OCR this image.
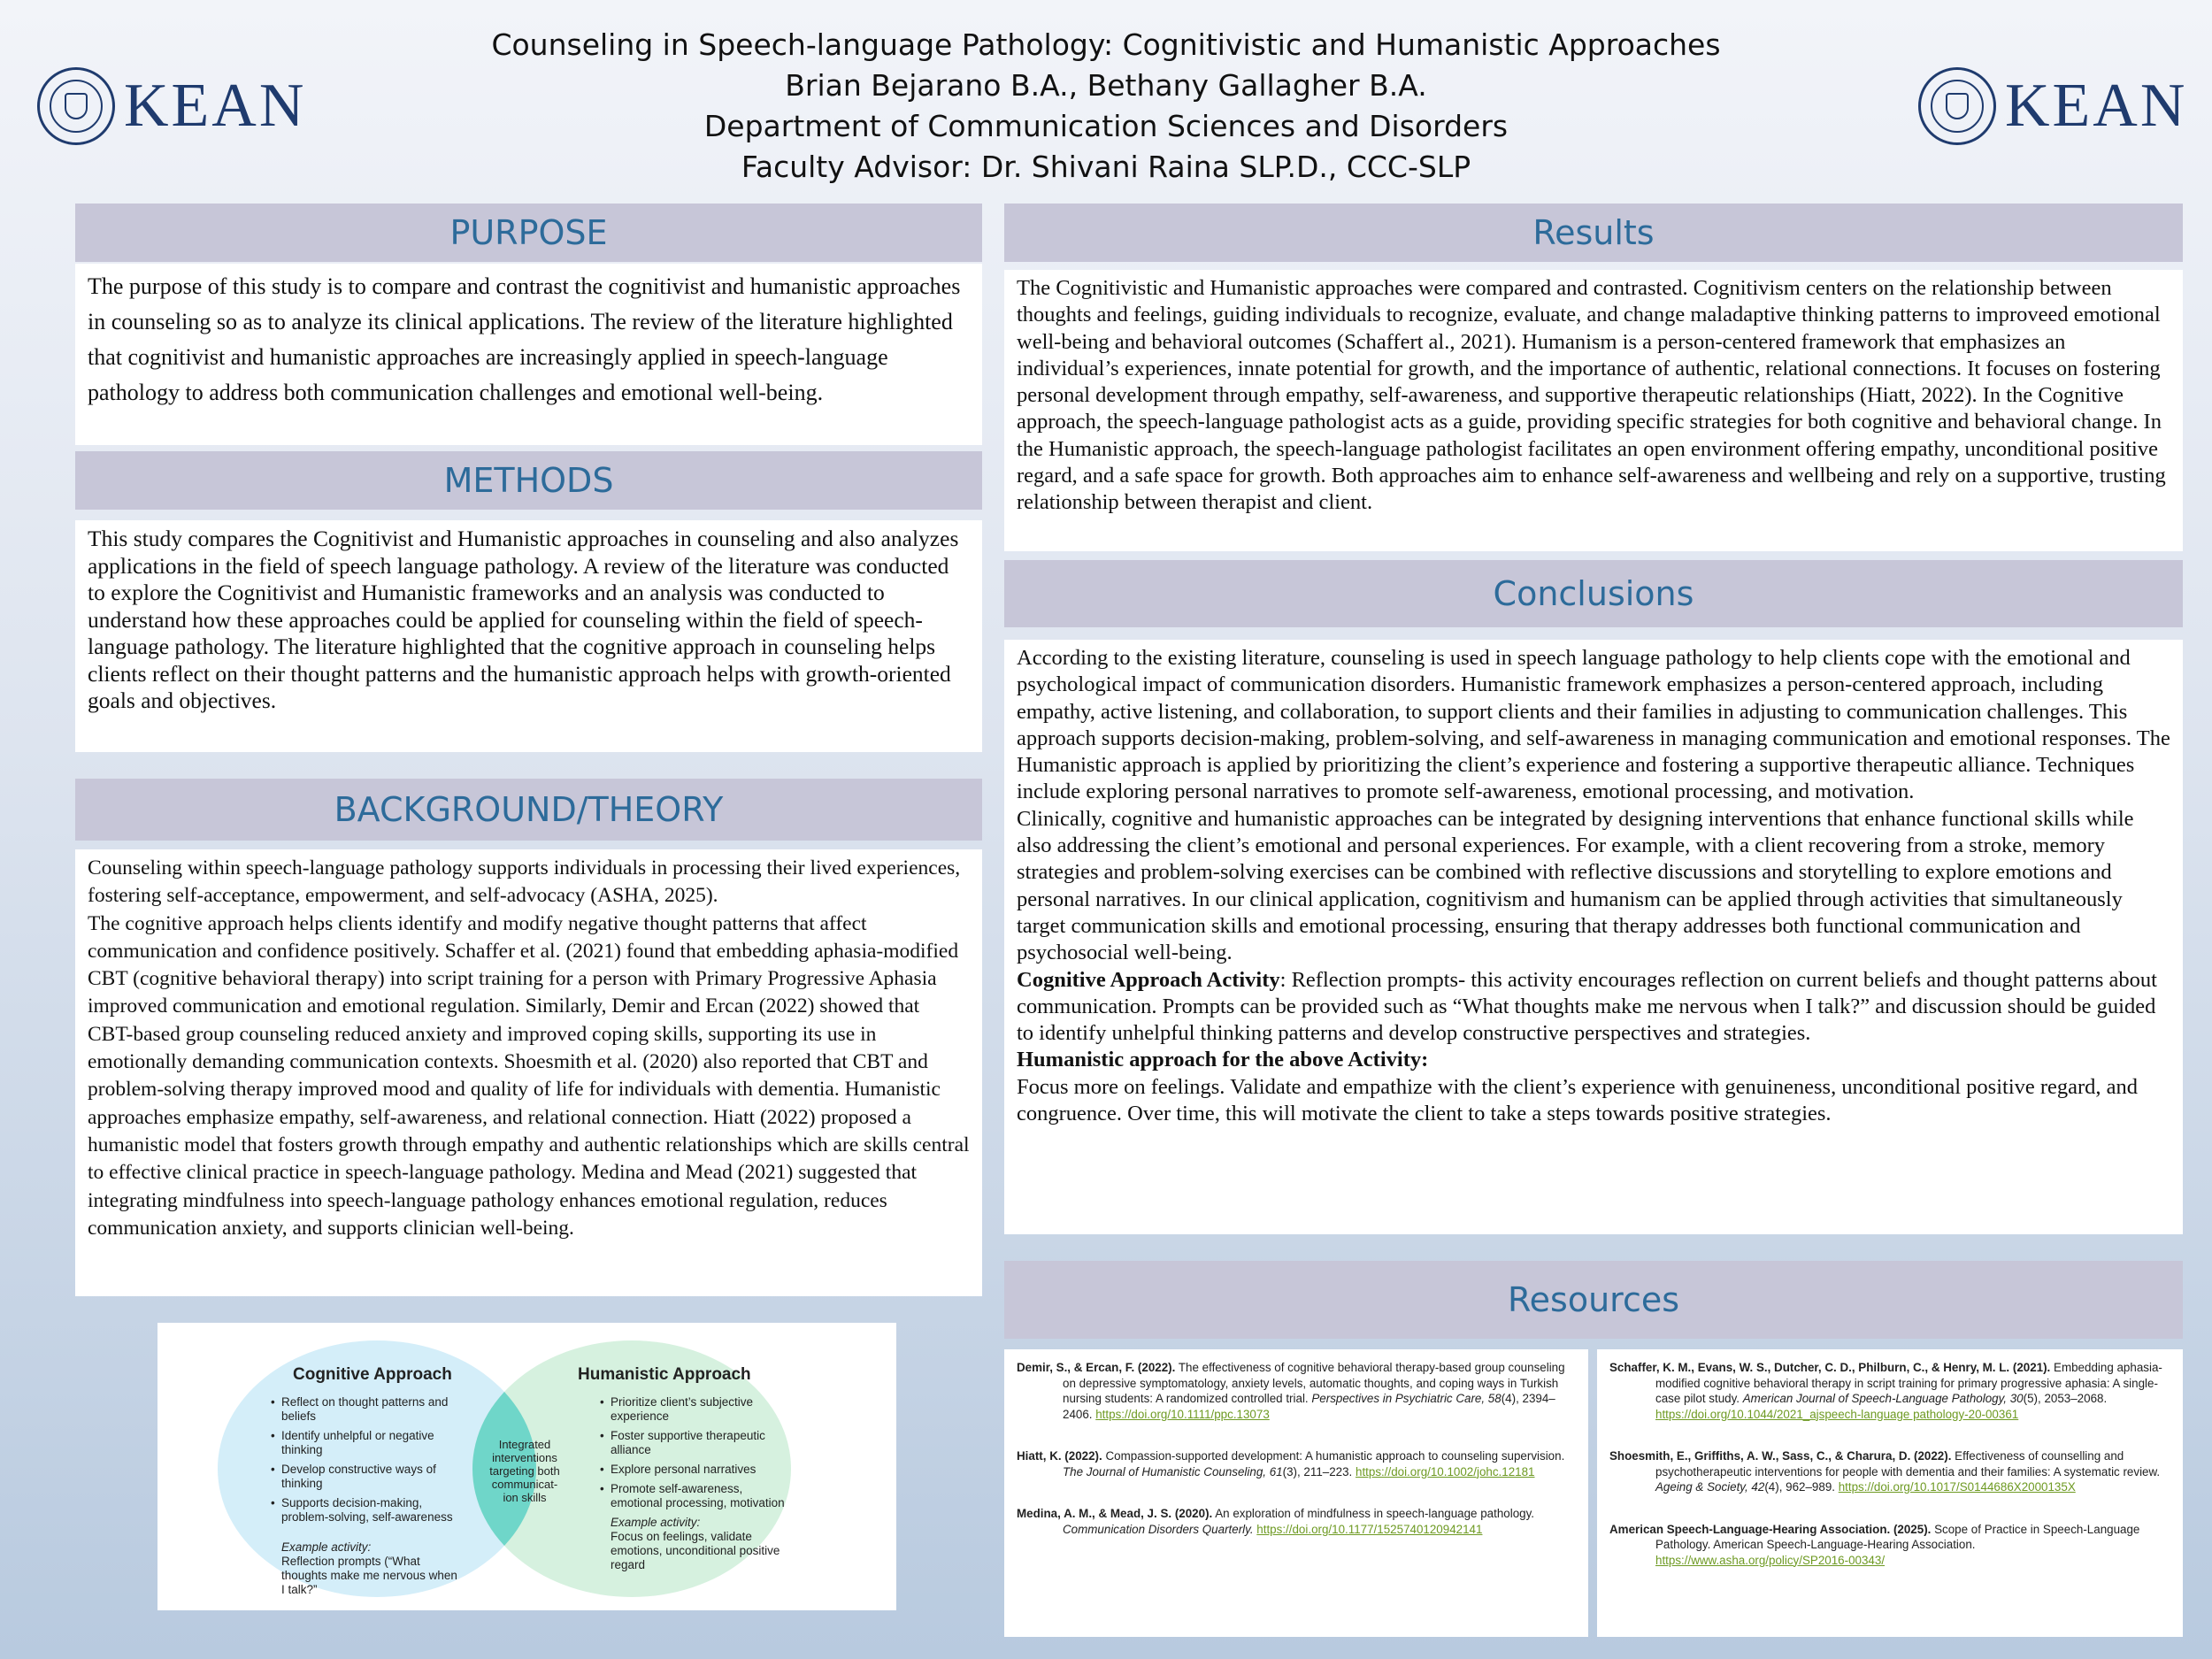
KEAN	KEAN
Counseling in Speech-language Pathology: Cognitivistic and Humanistic Approaches
Brian Bejarano B.A., Bethany Gallagher B.A.
Department of Communication Sciences and Disorders
Faculty Advisor: Dr. Shivani Raina SLP.D., CCC-SLP
PURPOSE

The purpose of this study is to compare and contrast the cognitivist and humanistic approaches in counseling so as to analyze its clinical applications. The review of the literature highlighted that cognitivist and humanistic approaches are increasingly applied in speech-language pathology to address both communication challenges and emotional well-being.

METHODS

This study compares the Cognitivist and Humanistic approaches in counseling and also analyzes applications in the field of speech language pathology. A review of the literature was conducted to explore the Cognitivist and Humanistic frameworks and an analysis was conducted to understand how these approaches could be applied for counseling within the field of speech-language pathology. The literature highlighted that the cognitive approach in counseling helps clients reflect on their thought patterns and the humanistic approach helps with growth-oriented goals and objectives.

BACKGROUND/THEORY

Counseling within speech-language pathology supports individuals in processing their lived experiences, fostering self-acceptance, empowerment, and self-advocacy (ASHA, 2025).

The cognitive approach helps clients identify and modify negative thought patterns that affect communication and confidence positively. Schaffer et al. (2021) found that embedding aphasia-modified CBT (cognitive behavioral therapy) into script training for a person with Primary Progressive Aphasia improved communication and emotional regulation. Similarly, Demir and Ercan (2022) showed that CBT-based group counseling reduced anxiety and improved coping skills, supporting its use in emotionally demanding communication contexts. Shoesmith et al. (2020) also reported that CBT and problem-solving therapy improved mood and quality of life for individuals with dementia. Humanistic approaches emphasize empathy, self-awareness, and relational connection. Hiatt (2022) proposed a humanistic model that fosters growth through empathy and authentic relationships which are skills central to effective clinical practice in speech-language pathology. Medina and Mead (2021) suggested that integrating mindfulness into speech-language pathology enhances emotional regulation, reduces communication anxiety, and supports clinician well-being.

Cognitive Approach
• Reflect on thought patterns and beliefs
• Identify unhelpful or negative thinking
• Develop constructive ways of thinking
• Supports decision-making, problem-solving, self-awareness
Example activity:
Reflection prompts (“What thoughts make me nervous when I talk?”
Integrated interventions targeting both communicat-ion skills
Humanistic Approach
• Prioritize client’s subjective experience
• Foster supportive therapeutic alliance
• Explore personal narratives
• Promote self-awareness, emotional processing, motivation
Example activity:
Focus on feelings, validate emotions, unconditional positive regard
Results

The Cognitivistic and Humanistic approaches were compared and contrasted. Cognitivism centers on the relationship between thoughts and feelings, guiding individuals to recognize, evaluate, and change maladaptive thinking patterns to improveed emotional well-being and behavioral outcomes (Schaffert al., 2021). Humanism is a person-centered framework that emphasizes an individual’s experiences, innate potential for growth, and the importance of authentic, relational connections. It focuses on fostering personal development through empathy, self-awareness, and supportive therapeutic relationships (Hiatt, 2022). In the Cognitive approach, the speech-language pathologist acts as a guide, providing specific strategies for both cognitive and behavioral change. In the Humanistic approach, the speech-language pathologist facilitates an open environment offering empathy, unconditional positive regard, and a safe space for growth. Both approaches aim to enhance self-awareness and wellbeing and rely on a supportive, trusting relationship between therapist and client.

Conclusions

According to the existing literature, counseling is used in speech language pathology to help clients cope with the emotional and psychological impact of communication disorders. Humanistic framework emphasizes a person-centered approach, including empathy, active listening, and collaboration, to support clients and their families in adjusting to communication challenges. This approach supports decision-making, problem-solving, and self-awareness in managing communication and emotional responses. The Humanistic approach is applied by prioritizing the client’s experience and fostering a supportive therapeutic alliance. Techniques include exploring personal narratives to promote self-awareness, emotional processing, and motivation.

Clinically, cognitive and humanistic approaches can be integrated by designing interventions that enhance functional skills while also addressing the client’s emotional and personal experiences. For example, with a client recovering from a stroke, memory strategies and problem-solving exercises can be combined with reflective discussions and storytelling to explore emotions and personal narratives. In our clinical application, cognitivism and humanism can be applied through activities that simultaneously target communication skills and emotional processing, ensuring that therapy addresses both functional communication and psychosocial well-being.

Cognitive Approach Activity: Reflection prompts- this activity encourages reflection on current beliefs and thought patterns about communication. Prompts can be provided such as “What thoughts make me nervous when I talk?” and discussion should be guided to identify unhelpful thinking patterns and develop constructive perspectives and strategies.

Humanistic approach for the above Activity:

Focus more on feelings. Validate and empathize with the client’s experience with genuineness, unconditional positive regard, and congruence. Over time, this will motivate the client to take a steps towards positive strategies.

Resources

Demir, S., & Ercan, F. (2022). The effectiveness of cognitive behavioral therapy-based group counseling on depressive symptomatology, anxiety levels, automatic thoughts, and coping ways in Turkish nursing students: A randomized controlled trial. Perspectives in Psychiatric Care, 58(4), 2394–2406. https://doi.org/10.1111/ppc.13073

Hiatt, K. (2022). Compassion-supported development: A humanistic approach to counseling supervision. The Journal of Humanistic Counseling, 61(3), 211–223. https://doi.org/10.1002/johc.12181

Medina, A. M., & Mead, J. S. (2020). An exploration of mindfulness in speech-language pathology. Communication Disorders Quarterly. https://doi.org/10.1177/1525740120942141

Schaffer, K. M., Evans, W. S., Dutcher, C. D., Philburn, C., & Henry, M. L. (2021). Embedding aphasia-modified cognitive behavioral therapy in script training for primary progressive aphasia: A single-case pilot study. American Journal of Speech-Language Pathology, 30(5), 2053–2068. https://doi.org/10.1044/2021_ajspeech-language pathology-20-00361

Shoesmith, E., Griffiths, A. W., Sass, C., & Charura, D. (2022). Effectiveness of counselling and psychotherapeutic interventions for people with dementia and their families: A systematic review. Ageing & Society, 42(4), 962–989. https://doi.org/10.1017/S0144686X2000135X

American Speech-Language-Hearing Association. (2025). Scope of Practice in Speech-Language Pathology. American Speech-Language-Hearing Association. https://www.asha.org/policy/SP2016-00343/
